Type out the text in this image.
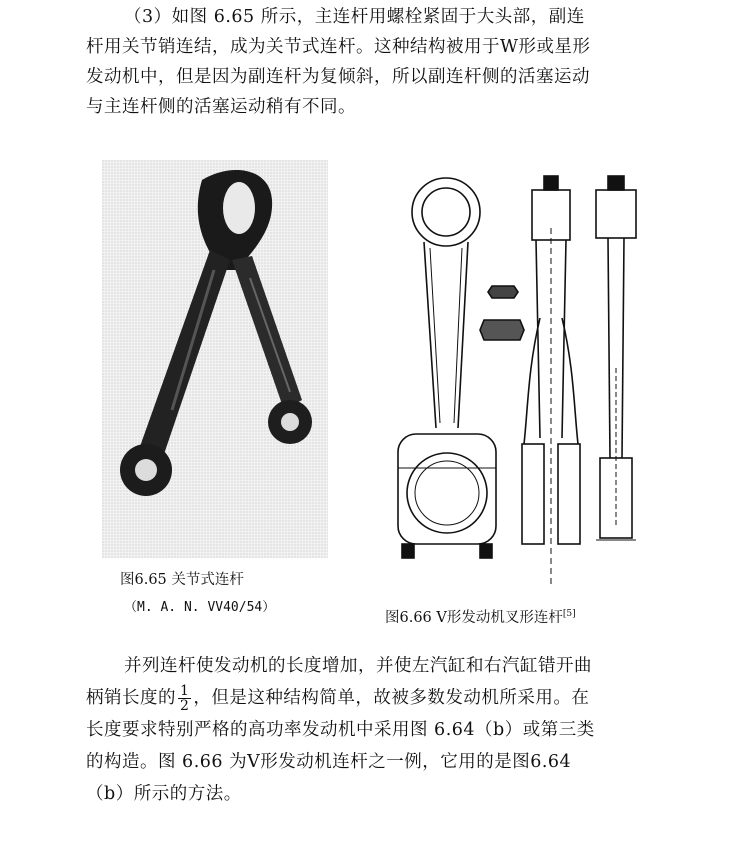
（3）如图 6.65 所示，主连杆用螺栓紧固于大头部，副连
杆用关节销连结，成为关节式连杆。这种结构被用于W形或星形
发动机中，但是因为副连杆为复倾斜，所以副连杆侧的活塞运动
与主连杆侧的活塞运动稍有不同。

图6.65 关节式连杆
（M. A. N. VV40/54）
图6.66 V形发动机叉形连杆[5]

并列连杆使发动机的长度增加，并使左汽缸和右汽缸错开曲
柄销长度的 $\frac{1}{2}$ ，但是这种结构简单，故被多数发动机所采用。在
长度要求特别严格的高功率发动机中采用图 6.64（b）或第三类
的构造。图 6.66 为V形发动机连杆之一例，它用的是图6.64
（b）所示的方法。
